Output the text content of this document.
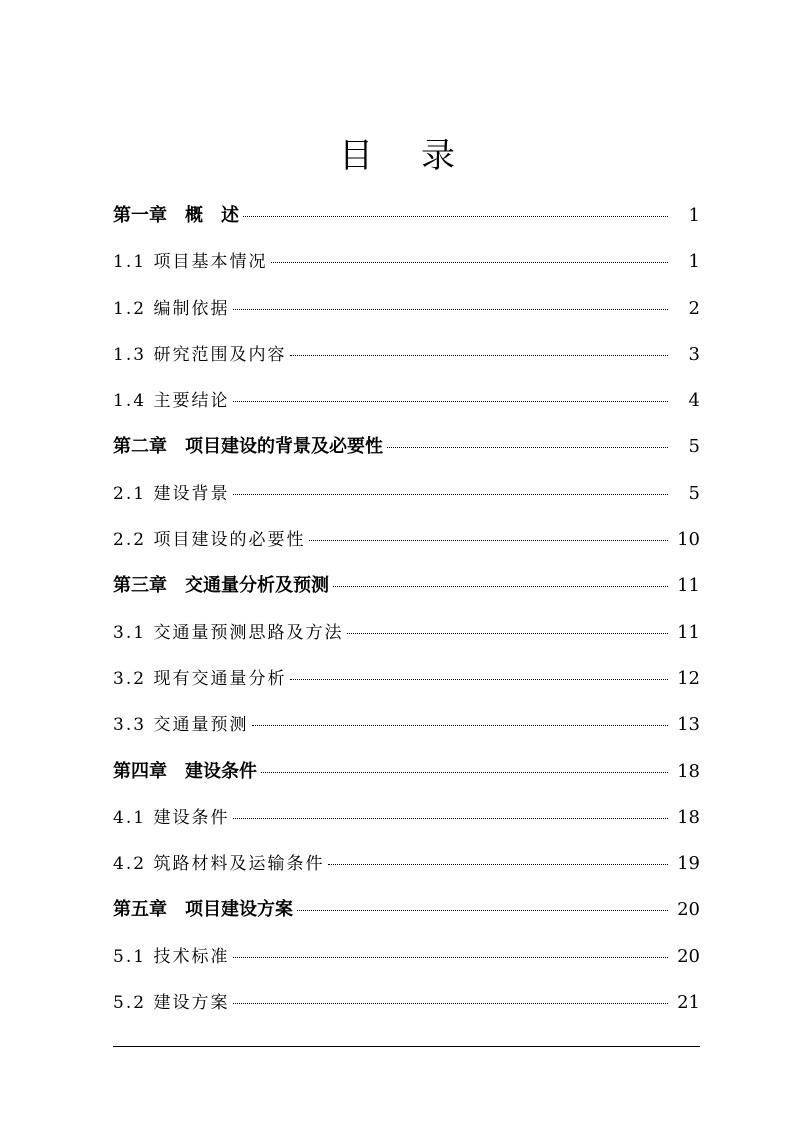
目录
第一章　概　述	1
1.1 项目基本情况	1
1.2 编制依据	2
1.3 研究范围及内容	3
1.4 主要结论	4
第二章　项目建设的背景及必要性	5
2.1 建设背景	5
2.2 项目建设的必要性	10
第三章　交通量分析及预测	11
3.1 交通量预测思路及方法	11
3.2 现有交通量分析	12
3.3 交通量预测	13
第四章　建设条件	18
4.1 建设条件	18
4.2 筑路材料及运输条件	19
第五章　项目建设方案	20
5.1 技术标准	20
5.2 建设方案	21
